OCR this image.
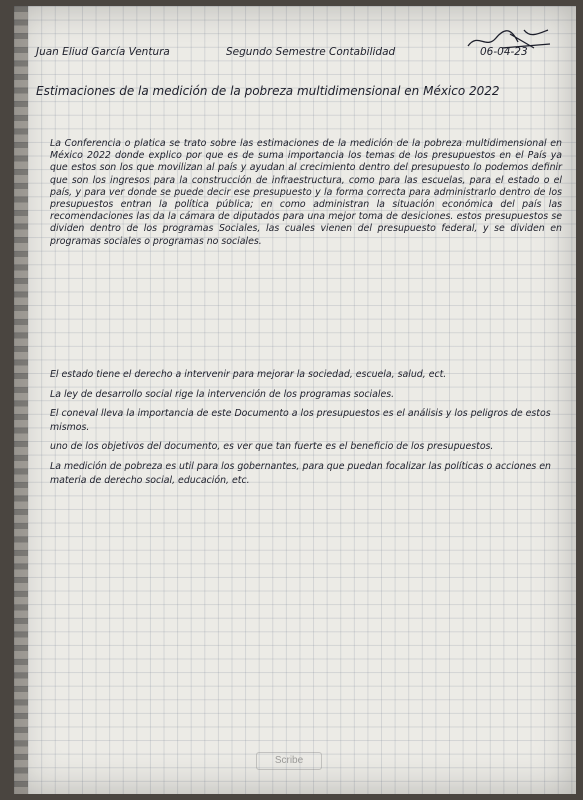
Juan Eliud García Ventura	Segundo Semestre Contabilidad	06-04-23
Estimaciones de la medición de la pobreza multidimensional en México 2022
La Conferencia o platica se trato sobre las estimaciones de la medición de la pobreza multidimensional en México 2022 donde explico por que es de suma importancia los temas de los presupuestos en el País ya que estos son los que movilizan al país y ayudan al crecimiento dentro del presupuesto lo podemos definir que son los ingresos para la construcción de infraestructura, como para las escuelas, para el estado o el país, y para ver donde se puede decir ese presupuesto y la forma correcta para administrarlo dentro de los presupuestos entran la política pública; en como administran la situación económica del país las recomendaciones las da la cámara de diputados para una mejor toma de desiciones. estos presupuestos se dividen dentro de los programas Sociales, las cuales vienen del presupuesto federal, y se dividen en programas sociales o programas no sociales.
El estado tiene el derecho a intervenir para mejorar la sociedad, escuela, salud, ect.
La ley de desarrollo social rige la intervención de los programas sociales.
El coneval lleva la importancia de este Documento a los presupuestos es el análisis y los peligros de estos mismos.
uno de los objetivos del documento, es ver que tan fuerte es el beneficio de los presupuestos.
La medición de pobreza es util para los gobernantes, para que puedan focalizar las políticas o acciones en materia de derecho social, educación, etc.
Scribe
